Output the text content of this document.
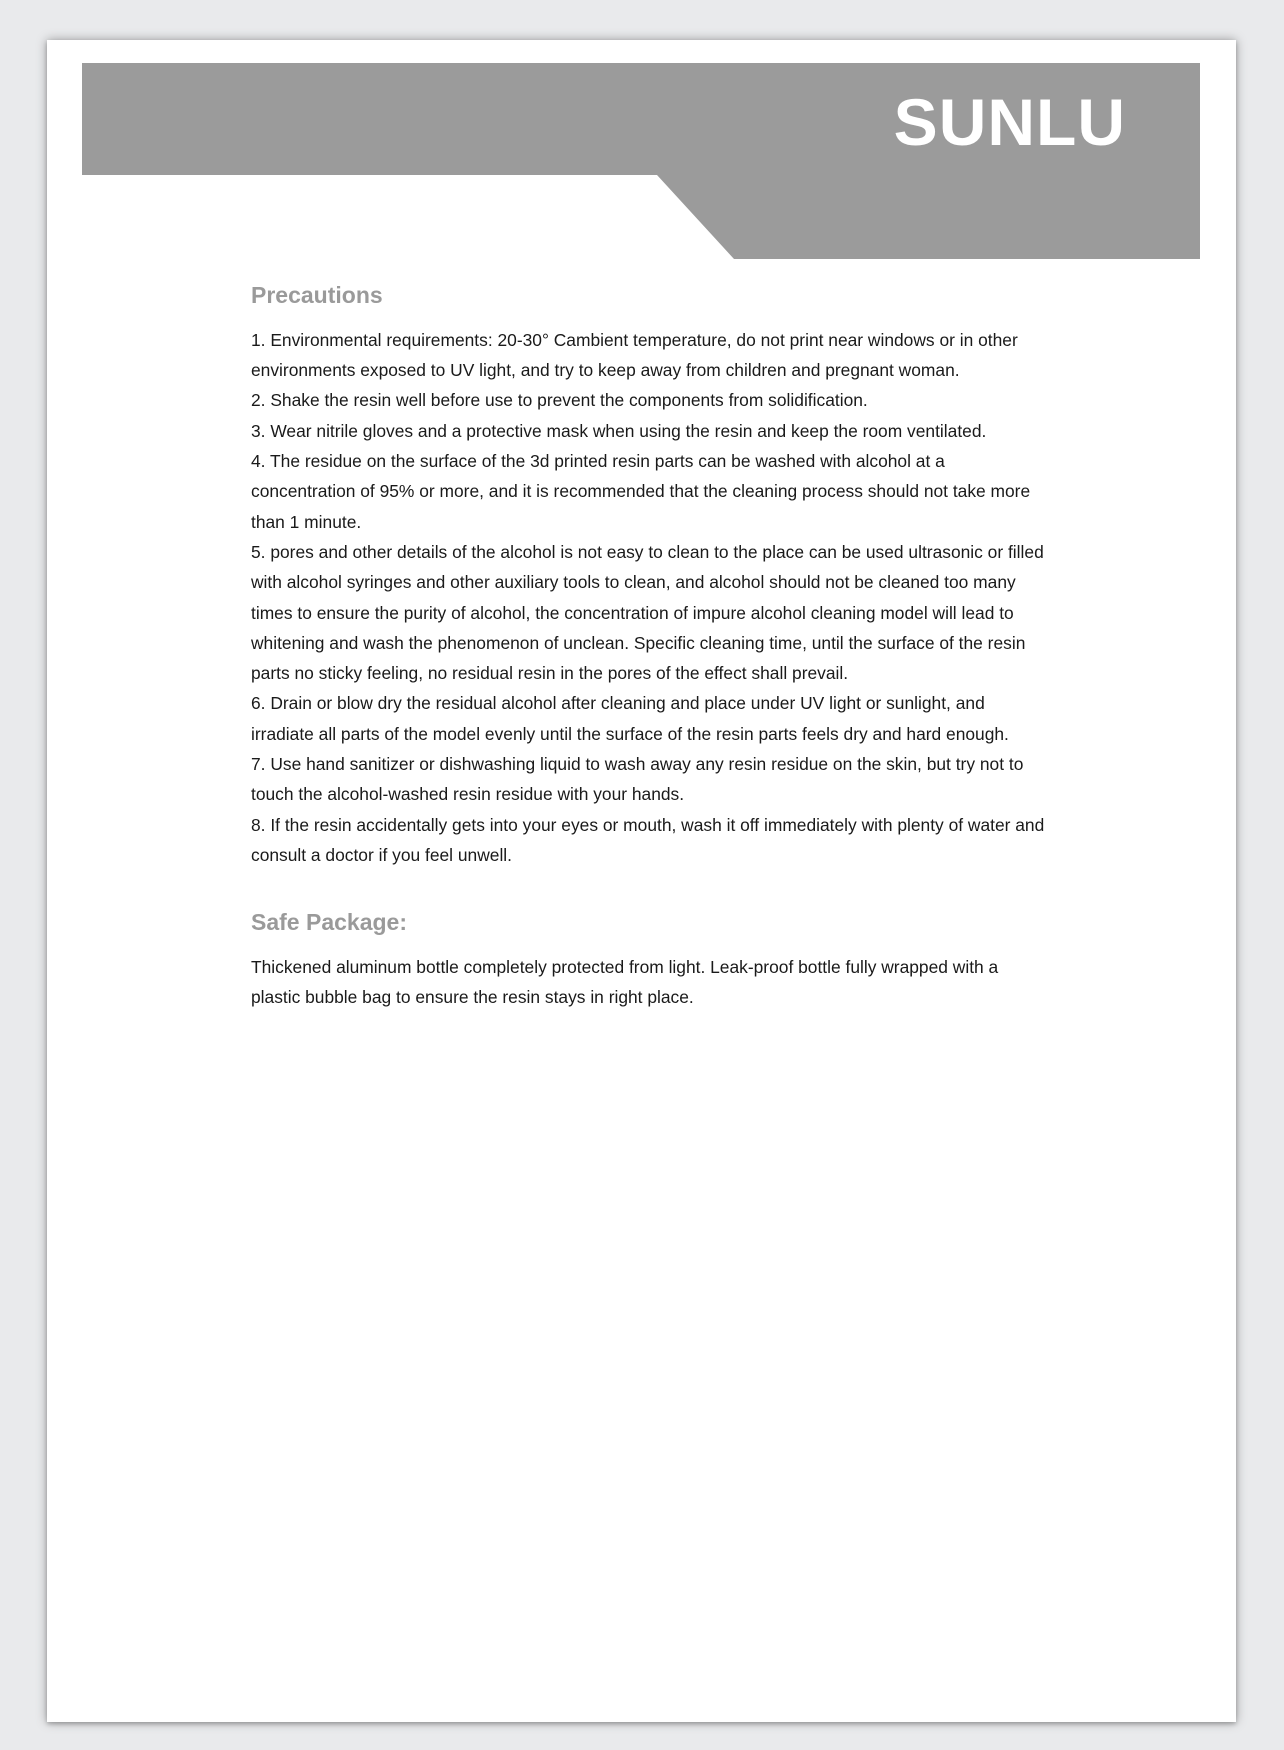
SUNLU
Precautions

1. Environmental requirements: 20-30° Cambient temperature, do not print near windows or in other environments exposed to UV light, and try to keep away from children and pregnant woman.

2. Shake the resin well before use to prevent the components from solidification.

3. Wear nitrile gloves and a protective mask when using the resin and keep the room ventilated.

4. The residue on the surface of the 3d printed resin parts can be washed with alcohol at a concentration of 95% or more, and it is recommended that the cleaning process should not take more than 1 minute.

5. pores and other details of the alcohol is not easy to clean to the place can be used ultrasonic or filled with alcohol syringes and other auxiliary tools to clean, and alcohol should not be cleaned too many times to ensure the purity of alcohol, the concentration of impure alcohol cleaning model will lead to whitening and wash the phenomenon of unclean. Specific cleaning time, until the surface of the resin parts no sticky feeling, no residual resin in the pores of the effect shall prevail.

6. Drain or blow dry the residual alcohol after cleaning and place under UV light or sunlight, and irradiate all parts of the model evenly until the surface of the resin parts feels dry and hard enough.

7. Use hand sanitizer or dishwashing liquid to wash away any resin residue on the skin, but try not to touch the alcohol-washed resin residue with your hands.

8. If the resin accidentally gets into your eyes or mouth, wash it off immediately with plenty of water and consult a doctor if you feel unwell.

Safe Package:

Thickened aluminum bottle completely protected from light. Leak-proof bottle fully wrapped with a plastic bubble bag to ensure the resin stays in right place.
